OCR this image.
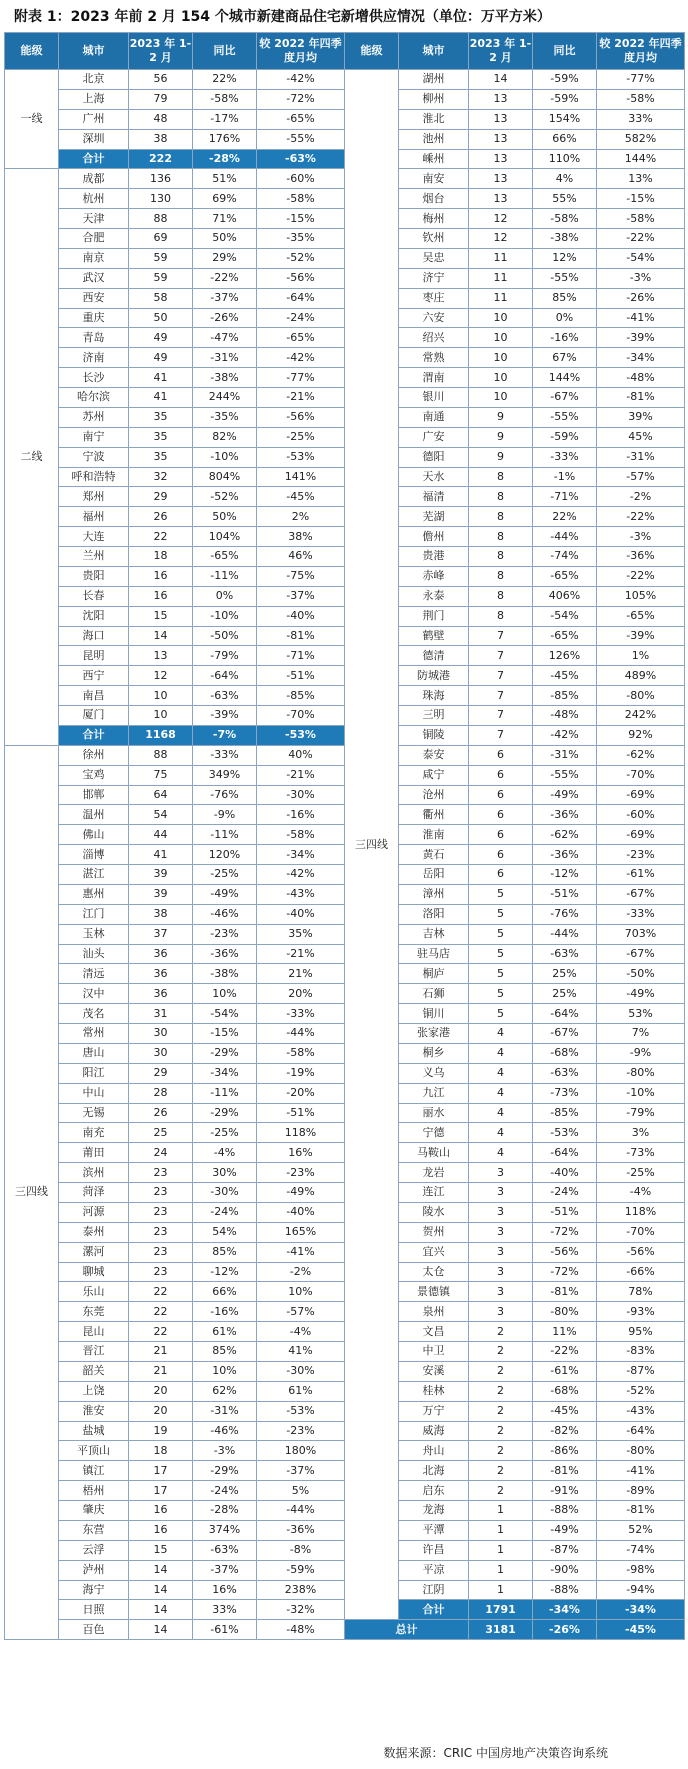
附表 1：2023 年前 2 月 154 个城市新建商品住宅新增供应情况（单位：万平方米）
能级	城市	2023 年 1-2 月	同比	较 2022 年四季度月均
一线	北京	56	22%	-42%
	上海	79	-58%	-72%
	广州	48	-17%	-65%
	深圳	38	176%	-55%
	合计	222	-28%	-63%
二线	成都	136	51%	-60%
	杭州	130	69%	-58%
	天津	88	71%	-15%
	合肥	69	50%	-35%
	南京	59	29%	-52%
	武汉	59	-22%	-56%
	西安	58	-37%	-64%
	重庆	50	-26%	-24%
	青岛	49	-47%	-65%
	济南	49	-31%	-42%
	长沙	41	-38%	-77%
	哈尔滨	41	244%	-21%
	苏州	35	-35%	-56%
	南宁	35	82%	-25%
	宁波	35	-10%	-53%
	呼和浩特	32	804%	141%
	郑州	29	-52%	-45%
	福州	26	50%	2%
	大连	22	104%	38%
	兰州	18	-65%	46%
	贵阳	16	-11%	-75%
	长春	16	0%	-37%
	沈阳	15	-10%	-40%
	海口	14	-50%	-81%
	昆明	13	-79%	-71%
	西宁	12	-64%	-51%
	南昌	10	-63%	-85%
	厦门	10	-39%	-70%
	合计	1168	-7%	-53%
三四线	徐州	88	-33%	40%
	宝鸡	75	349%	-21%
	邯郸	64	-76%	-30%
	温州	54	-9%	-16%
	佛山	44	-11%	-58%
	淄博	41	120%	-34%
	湛江	39	-25%	-42%
	惠州	39	-49%	-43%
	江门	38	-46%	-40%
	玉林	37	-23%	35%
	汕头	36	-36%	-21%
	清远	36	-38%	21%
	汉中	36	10%	20%
	茂名	31	-54%	-33%
	常州	30	-15%	-44%
	唐山	30	-29%	-58%
	阳江	29	-34%	-19%
	中山	28	-11%	-20%
	无锡	26	-29%	-51%
	南充	25	-25%	118%
	莆田	24	-4%	16%
	滨州	23	30%	-23%
	菏泽	23	-30%	-49%
	河源	23	-24%	-40%
	泰州	23	54%	165%
	漯河	23	85%	-41%
	聊城	23	-12%	-2%
	乐山	22	66%	10%
	东莞	22	-16%	-57%
	昆山	22	61%	-4%
	晋江	21	85%	41%
	韶关	21	10%	-30%
	上饶	20	62%	61%
	淮安	20	-31%	-53%
	盐城	19	-46%	-23%
	平顶山	18	-3%	180%
	镇江	17	-29%	-37%
	梧州	17	-24%	5%
	肇庆	16	-28%	-44%
	东营	16	374%	-36%
	云浮	15	-63%	-8%
	泸州	14	-37%	-59%
	海宁	14	16%	238%
	日照	14	33%	-32%
	百色	14	-61%	-48%
能级	城市	2023 年 1-2 月	同比	较 2022 年四季度月均
三四线	湖州	14	-59%	-77%
	柳州	13	-59%	-58%
	淮北	13	154%	33%
	池州	13	66%	582%
	嵊州	13	110%	144%
	南安	13	4%	13%
	烟台	13	55%	-15%
	梅州	12	-58%	-58%
	钦州	12	-38%	-22%
	吴忠	11	12%	-54%
	济宁	11	-55%	-3%
	枣庄	11	85%	-26%
	六安	10	0%	-41%
	绍兴	10	-16%	-39%
	常熟	10	67%	-34%
	渭南	10	144%	-48%
	银川	10	-67%	-81%
	南通	9	-55%	39%
	广安	9	-59%	45%
	德阳	9	-33%	-31%
	天水	8	-1%	-57%
	福清	8	-71%	-2%
	芜湖	8	22%	-22%
	儋州	8	-44%	-3%
	贵港	8	-74%	-36%
	赤峰	8	-65%	-22%
	永泰	8	406%	105%
	荆门	8	-54%	-65%
	鹤壁	7	-65%	-39%
	德清	7	126%	1%
	防城港	7	-45%	489%
	珠海	7	-85%	-80%
	三明	7	-48%	242%
	铜陵	7	-42%	92%
	泰安	6	-31%	-62%
	咸宁	6	-55%	-70%
	沧州	6	-49%	-69%
	衢州	6	-36%	-60%
	淮南	6	-62%	-69%
	黄石	6	-36%	-23%
	岳阳	6	-12%	-61%
	漳州	5	-51%	-67%
	洛阳	5	-76%	-33%
	吉林	5	-44%	703%
	驻马店	5	-63%	-67%
	桐庐	5	25%	-50%
	石狮	5	25%	-49%
	铜川	5	-64%	53%
	张家港	4	-67%	7%
	桐乡	4	-68%	-9%
	义乌	4	-63%	-80%
	九江	4	-73%	-10%
	丽水	4	-85%	-79%
	宁德	4	-53%	3%
	马鞍山	4	-64%	-73%
	龙岩	3	-40%	-25%
	连江	3	-24%	-4%
	陵水	3	-51%	118%
	贺州	3	-72%	-70%
	宜兴	3	-56%	-56%
	太仓	3	-72%	-66%
	景德镇	3	-81%	78%
	泉州	3	-80%	-93%
	文昌	2	11%	95%
	中卫	2	-22%	-83%
	安溪	2	-61%	-87%
	桂林	2	-68%	-52%
	万宁	2	-45%	-43%
	威海	2	-82%	-64%
	舟山	2	-86%	-80%
	北海	2	-81%	-41%
	启东	2	-91%	-89%
	龙海	1	-88%	-81%
	平潭	1	-49%	52%
	许昌	1	-87%	-74%
	平凉	1	-90%	-98%
	江阴	1	-88%	-94%
	合计	1791	-34%	-34%
总计		3181	-26%	-45%
数据来源：CRIC 中国房地产决策咨询系统
